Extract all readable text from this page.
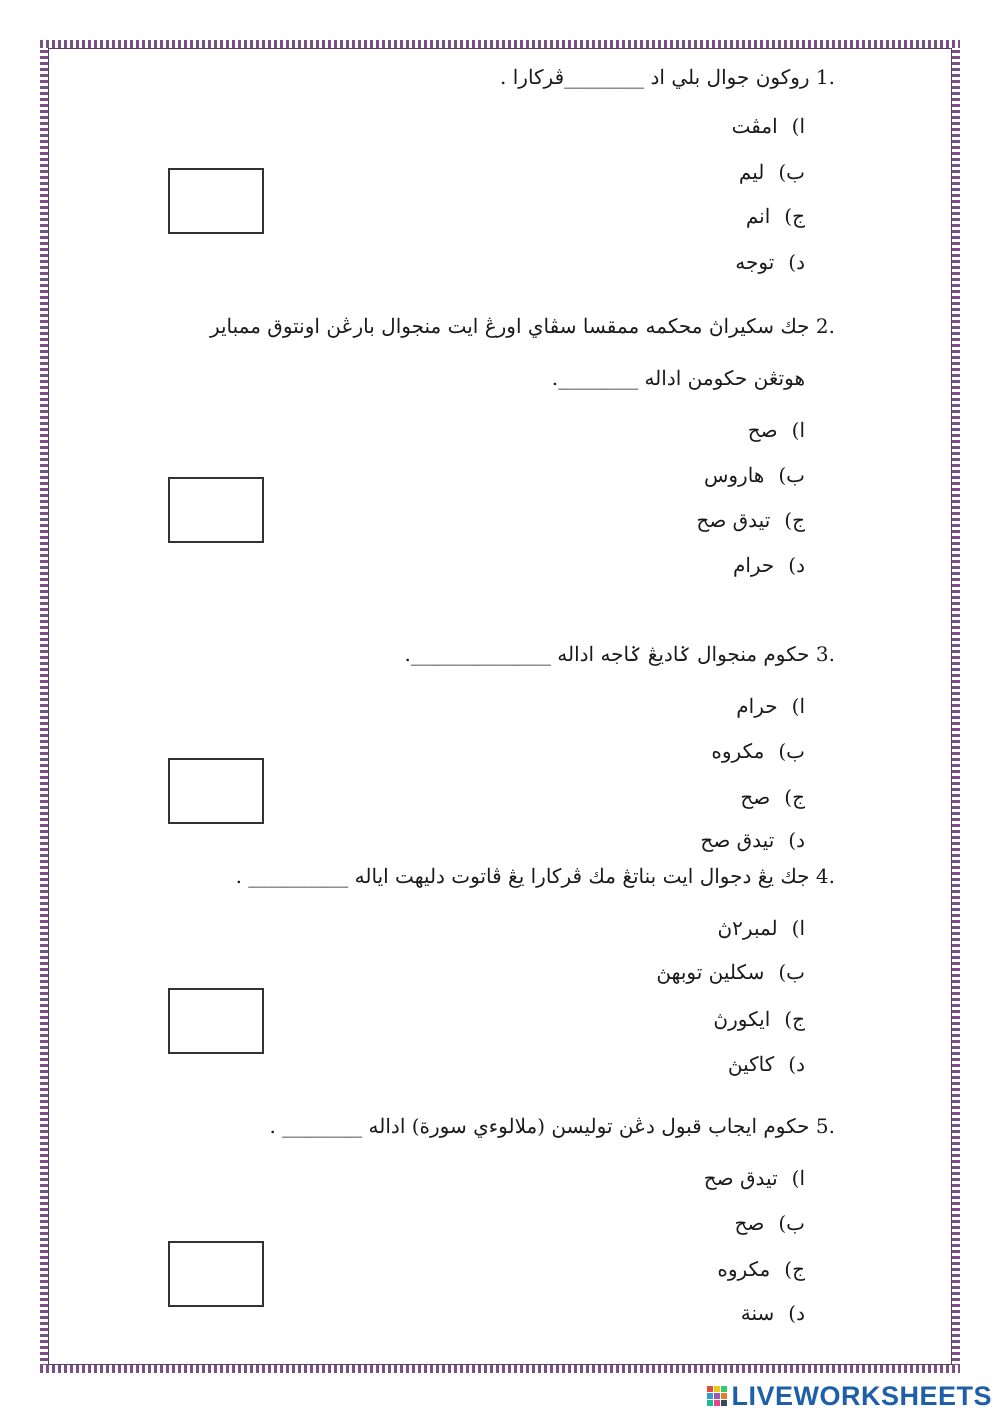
1. روكون جوال بلي اد ________ڤركارا .
ا)امڤت
ب)ليم
ج)انم
د)توجه
2. جك سكيراڽ محكمه ممقسا سڤاي اورڠ ايت منجوال بارڠن اونتوق ممباير
هوتڠن حكومن اداله ________.
ا)صح
ب)هاروس
ج)تيدق صح
د)حرام
3. حكوم منجوال ݢاديڠ ݢاجه اداله ______________.
ا)حرام
ب)مكروه
ج)صح
د)تيدق صح
4. جك يڠ دجوال ايت بناتڠ مك ڤركارا يڠ ڤاتوت دليهت اياله __________ .
ا)لمبر٢ڽ
ب)سكلين توبهڽ
ج)ايكورڽ
د)كاكيڽ
5. حكوم ايجاب قبول دڠن توليسن (ملالوءي سورة) اداله ________ .
ا)تيدق صح
ب)صح
ج)مكروه
د)سنة
LIVEWORKSHEETS
